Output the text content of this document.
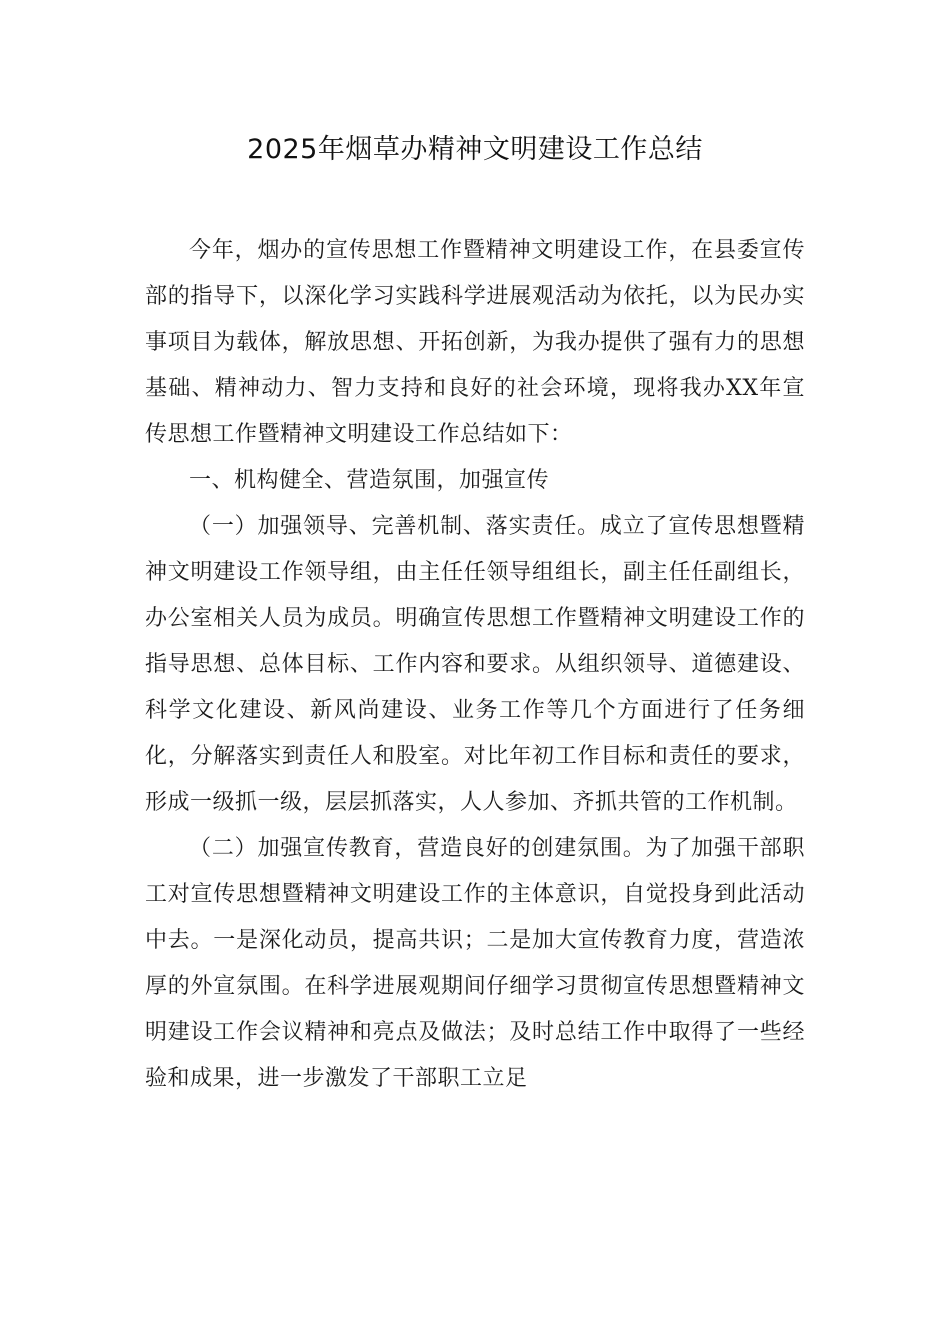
2025年烟草办精神文明建设工作总结

今年，烟办的宣传思想工作暨精神文明建设工作，在县委宣传部的指导下，以深化学习实践科学进展观活动为依托，以为民办实事项目为载体，解放思想、开拓创新，为我办提供了强有力的思想基础、精神动力、智力支持和良好的社会环境，现将我办XX年宣传思想工作暨精神文明建设工作总结如下：

一、机构健全、营造氛围，加强宣传

（一）加强领导、完善机制、落实责任。成立了宣传思想暨精神文明建设工作领导组，由主任任领导组组长，副主任任副组长，办公室相关人员为成员。明确宣传思想工作暨精神文明建设工作的指导思想、总体目标、工作内容和要求。从组织领导、道德建设、科学文化建设、新风尚建设、业务工作等几个方面进行了任务细化，分解落实到责任人和股室。对比年初工作目标和责任的要求，形成一级抓一级，层层抓落实，人人参加、齐抓共管的工作机制。

（二）加强宣传教育，营造良好的创建氛围。为了加强干部职工对宣传思想暨精神文明建设工作的主体意识，自觉投身到此活动中去。一是深化动员，提高共识；二是加大宣传教育力度，营造浓厚的外宣氛围。在科学进展观期间仔细学习贯彻宣传思想暨精神文明建设工作会议精神和亮点及做法；及时总结工作中取得了一些经验和成果，进一步激发了干部职工立足
